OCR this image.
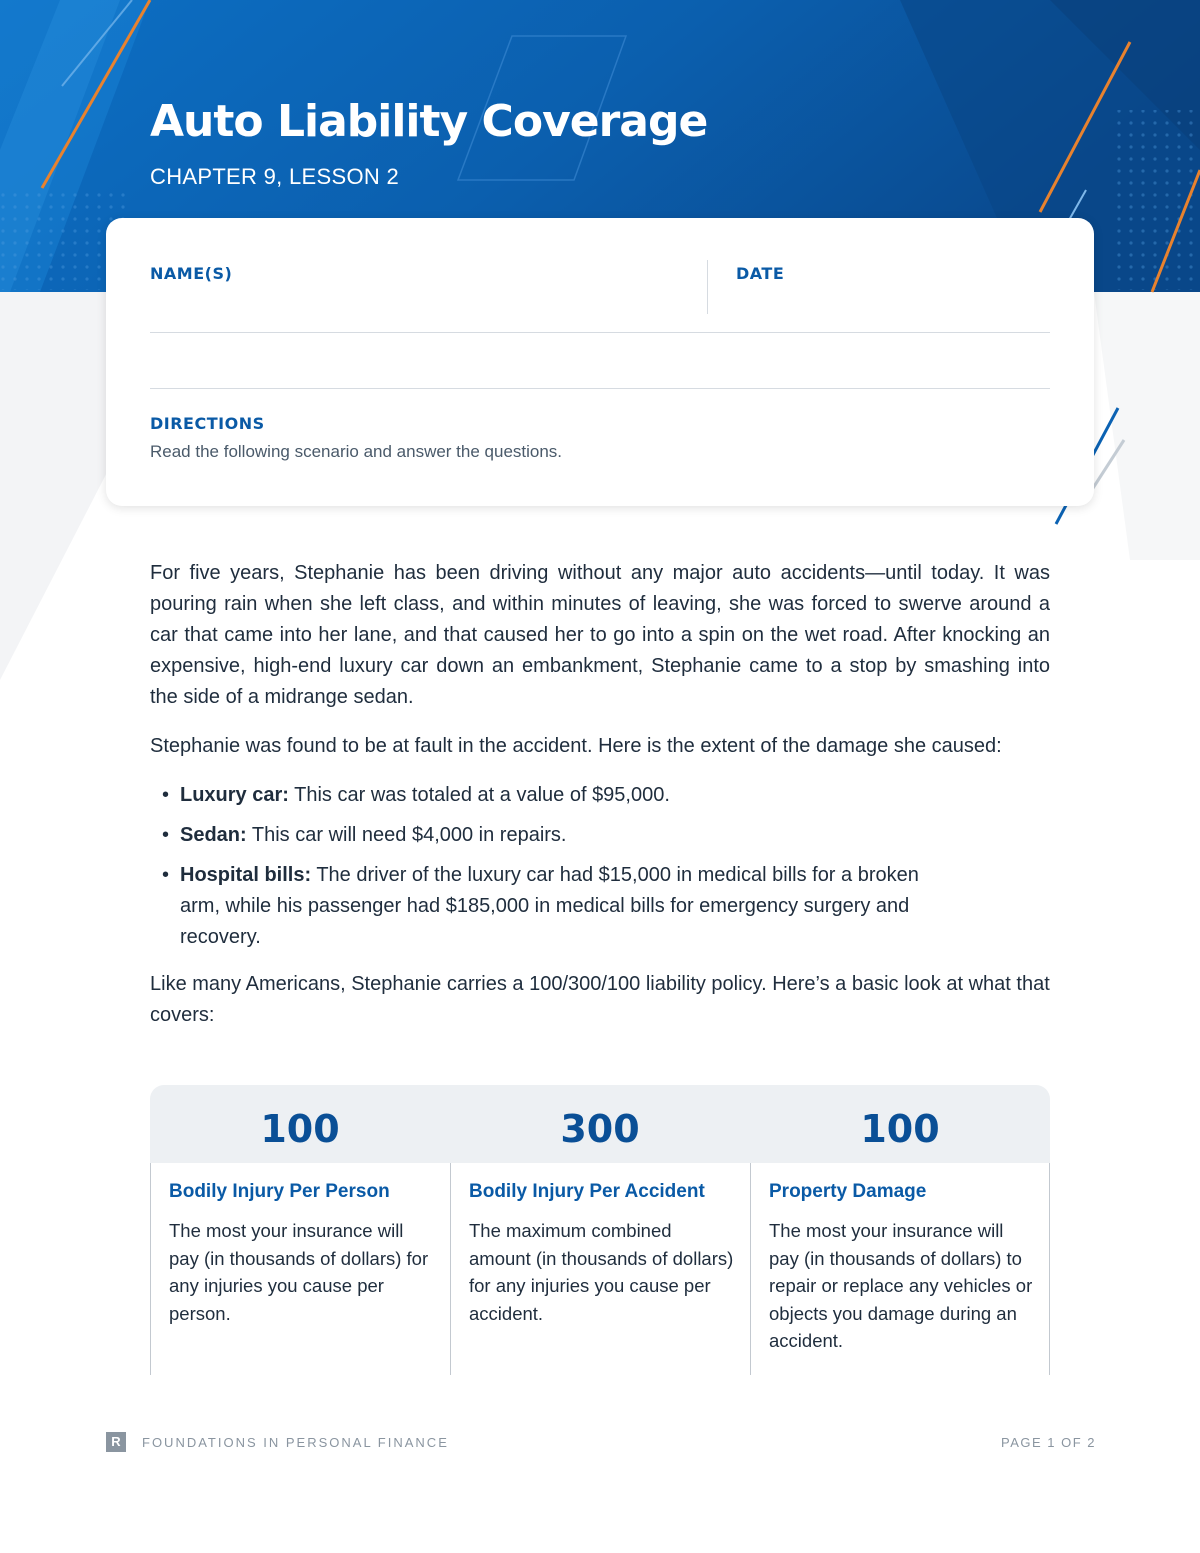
Auto Liability Coverage

CHAPTER 9, LESSON 2

NAME(S)	DATE

DIRECTIONS

Read the following scenario and answer the questions.

For five years, Stephanie has been driving without any major auto accidents—until today. It was pouring rain when she left class, and within minutes of leaving, she was forced to swerve around a car that came into her lane, and that caused her to go into a spin on the wet road. After knocking an expensive, high-end luxury car down an embankment, Stephanie came to a stop by smashing into the side of a midrange sedan.

Stephanie was found to be at fault in the accident. Here is the extent of the damage she caused:

• Luxury car: This car was totaled at a value of $95,000.
• Sedan: This car will need $4,000 in repairs.
• Hospital bills: The driver of the luxury car had $15,000 in medical bills for a broken arm, while his passenger had $185,000 in medical bills for emergency surgery and recovery.

Like many Americans, Stephanie carries a 100/300/100 liability policy. Here’s a basic look at what that covers:

100

Bodily Injury Per Person

The most your insurance will pay (in thousands of dollars) for any injuries you cause per person.

300

Bodily Injury Per Accident

The maximum combined amount (in thousands of dollars) for any injuries you cause per accident.

100

Property Damage

The most your insurance will pay (in thousands of dollars) to repair or replace any vehicles or objects you damage during an accident.

R	FOUNDATIONS IN PERSONAL FINANCE	PAGE 1 OF 2
